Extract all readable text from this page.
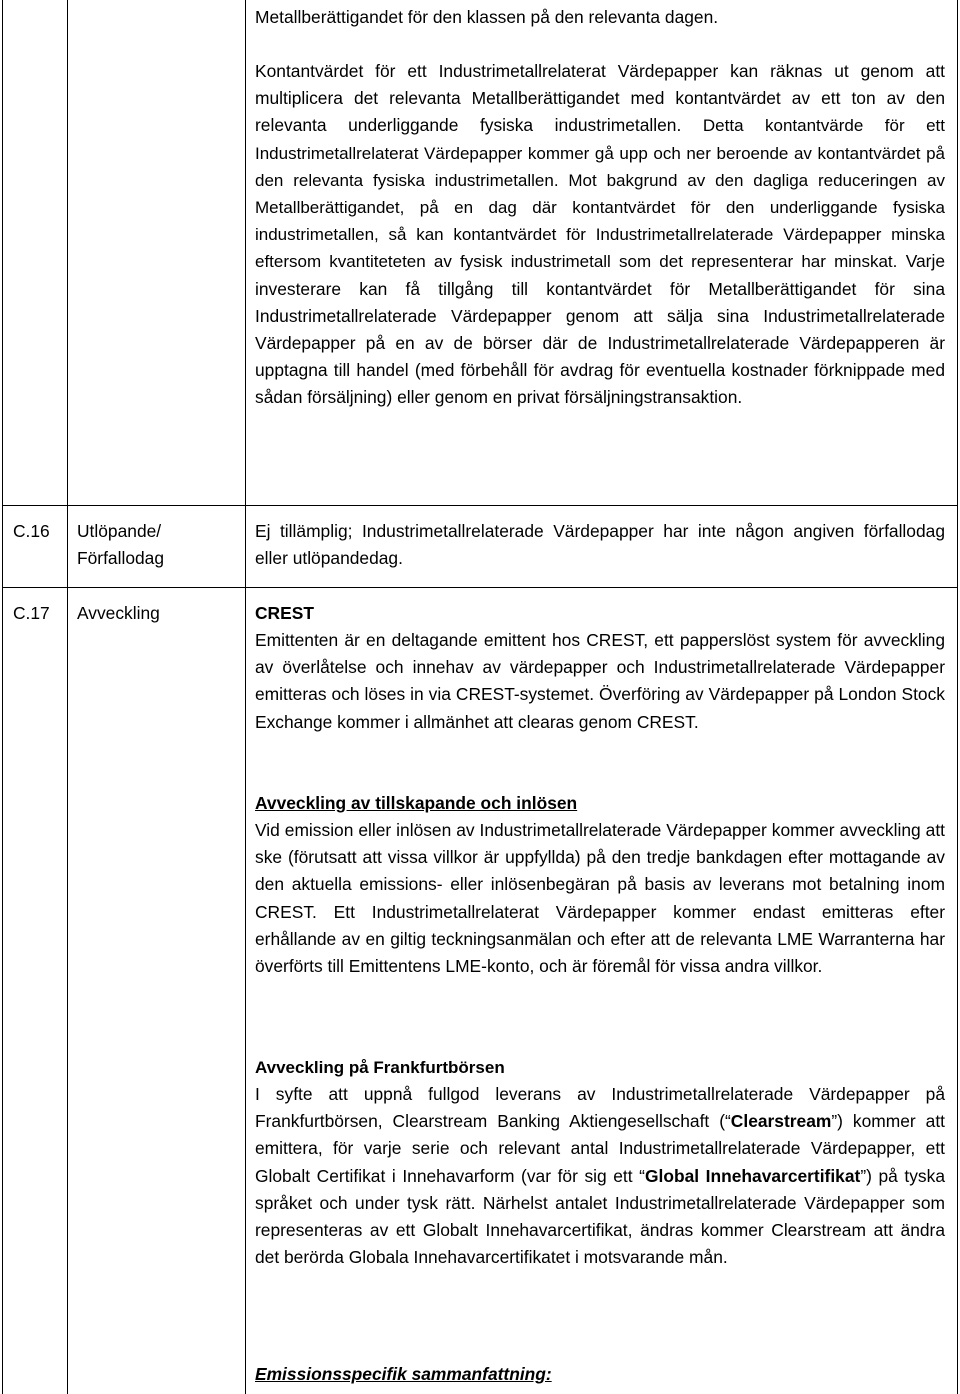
Metallberättigandet för den klassen på den relevanta dagen.

Kontantvärdet för ett Industrimetallrelaterat Värdepapper kan räknas ut genom att multiplicera det relevanta Metallberättigandet med kontantvärdet av ett ton av den relevanta underliggande fysiska industrimetallen. Detta kontantvärde för ett Industrimetallrelaterat Värdepapper kommer gå upp och ner beroende av kontantvärdet på den relevanta fysiska industrimetallen. Mot bakgrund av den dagliga reduceringen av Metallberättigandet, på en dag där kontantvärdet för den underliggande fysiska industrimetallen, så kan kontantvärdet för Industrimetallrelaterade Värdepapper minska eftersom kvantiteteten av fysisk industrimetall som det representerar har minskat. Varje investerare kan få tillgång till kontantvärdet för Metallberättigandet för sina Industrimetallrelaterade Värdepapper genom att sälja sina Industrimetallrelaterade Värdepapper på en av de börser där de Industrimetallrelaterade Värdepapperen är upptagna till handel (med förbehåll för avdrag för eventuella kostnader förknippade med sådan försäljning) eller genom en privat försäljningstransaktion.

C.16 Utlöpande/ Förfallodag

Ej tillämplig; Industrimetallrelaterade Värdepapper har inte någon angiven förfallodag eller utlöpandedag.

C.17 Avveckling	CREST

Emittenten är en deltagande emittent hos CREST, ett papperslöst system för avveckling av överlåtelse och innehav av värdepapper och Industrimetallrelaterade Värdepapper emitteras och löses in via CREST-systemet. Överföring av Värdepapper på London Stock Exchange kommer i allmänhet att clearas genom CREST.

Avveckling av tillskapande och inlösen

Vid emission eller inlösen av Industrimetallrelaterade Värdepapper kommer avveckling att ske (förutsatt att vissa villkor är uppfyllda) på den tredje bankdagen efter mottagande av den aktuella emissions- eller inlösenbegäran på basis av leverans mot betalning inom CREST. Ett Industrimetallrelaterat Värdepapper kommer endast emitteras efter erhållande av en giltig teckningsanmälan och efter att de relevanta LME Warranterna har överförts till Emittentens LME-konto, och är föremål för vissa andra villkor.

Avveckling på Frankfurtbörsen

I syfte att uppnå fullgod leverans av Industrimetallrelaterade Värdepapper på Frankfurtbörsen, Clearstream Banking Aktiengesellschaft (“Clearstream”) kommer att emittera, för varje serie och relevant antal Industrimetallrelaterade Värdepapper, ett Globalt Certifikat i Innehavarform (var för sig ett “Global Innehavarcertifikat”) på tyska språket och under tysk rätt. Närhelst antalet Industrimetallrelaterade Värdepapper som representeras av ett Globalt Innehavarcertifikat, ändras kommer Clearstream att ändra det berörda Globala Innehavarcertifikatet i motsvarande mån.

Emissionsspecifik sammanfattning:
